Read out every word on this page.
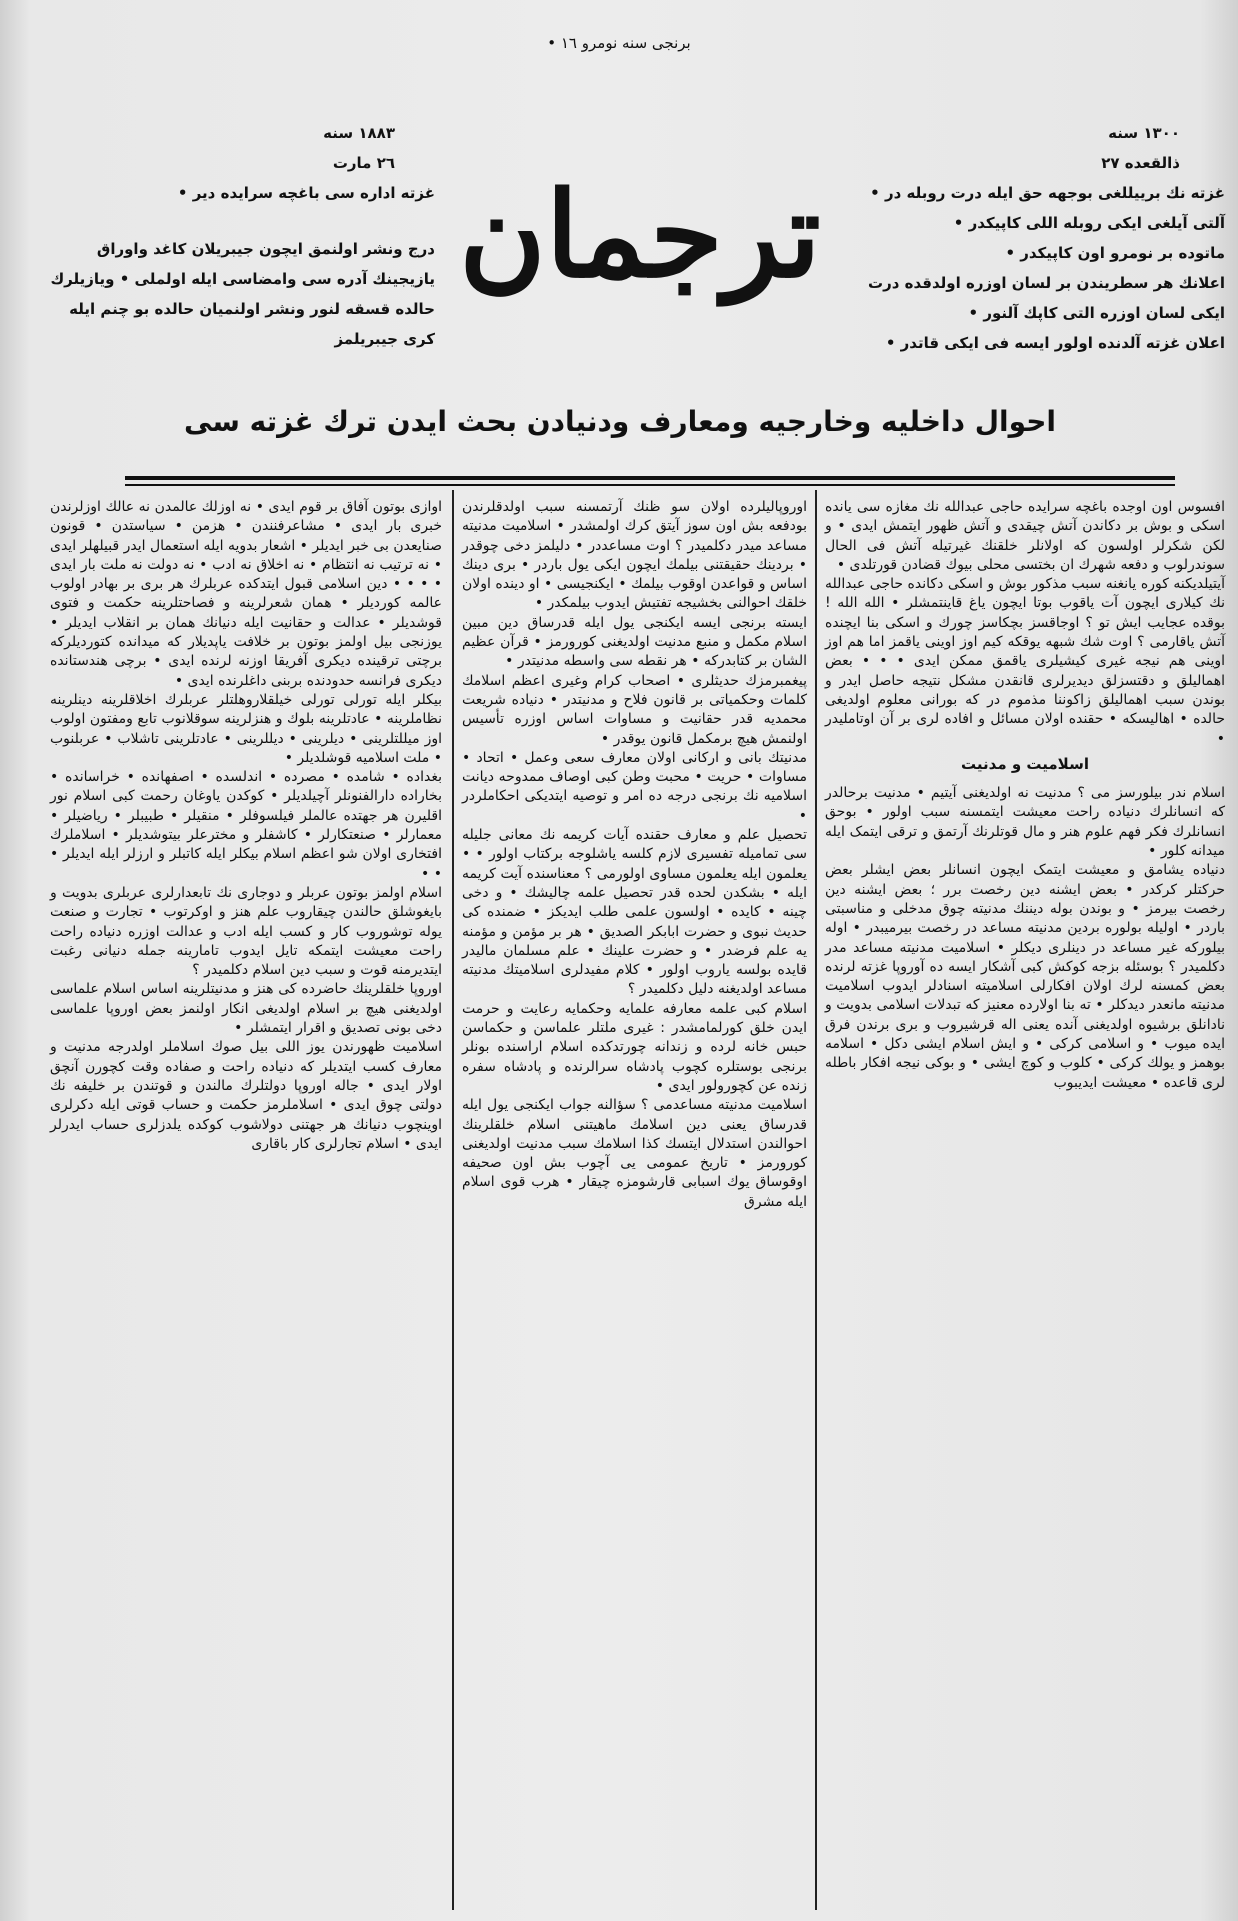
برنجی سنه نومرو ۱٦ •
۱۸۸۳ سنه
۲٦ مارت
۱۳۰۰ سنه
ذالقعده ۲۷
غزته اداره سی باغچه سرایده دیر •
درج ونشر اولنمق ایچون جیبریلان کاغد واوراق
یازیجینك آدره سی وامضاسی ایله اولملی • ویازیلرك
حالده قسقه لنور ونشر اولنمیان حالده بو چنم ایله
کری جیبریلمز
غزته نك برییللغی بوجهه حق ایله درت روبله در •
آلتی آیلغی ایکی روبله اللی کاپیکدر •
ماتوده بر نومرو اون کاپیکدر •
اعلانك هر سطریندن بر لسان اوزره اولدقده درت
ایکی لسان اوزره التی کاپك آلنور •
اعلان غزته آلدنده اولور ایسه فی ایکی قاتدر •
ترجمان
احوال داخلیه وخارجیه ومعارف ودنیادن بحث ایدن ترك غزته سی

افسوس اون اوجده باغچه سرایده حاجی عبدالله نك مغازه سی یانده اسکی و بوش بر دکاندن آتش چیقدی و آتش ظهور ایتمش ایدی • و لکن شکرلر اولسون که اولانلر خلقنك غیرتیله آتش فی الحال سوندرلوب و دفعه شهرك ان بختسی محلی بیوك قضادن قورتلدی •

آیتیلدیکنه کوره یانغنه سبب مذکور بوش و اسکی دکانده حاجی عبدالله نك کیلاری ایچون آت یاقوب بوتا ایچون یاغ قاینتمشلر • الله الله ! بوقده عجایب ایش تو ؟ اوجاقسز بچکاسز چورك و اسکی بنا ایچنده آتش یاقارمی ؟ اوت شك شبهه یوقکه کیم اوز اوینی یاقمز اما هم اوز اوینی هم نیجه غیری کیشیلری یاقمق ممکن ایدی • • • بعض اهمالیلق و دقتسزلق دیدیرلری قانقدن مشکل نتیجه حاصل ایدر و بوندن سبب اهمالیلق زاکوننا مذموم در که بورانی معلوم اولدیغی حالده • اهالیسکه • حقنده اولان مسائل و افاده لری بر آن اوتاملیدر •

اسلامیت و مدنیت

اسلام ندر بیلورسز می ؟ مدنیت نه اولدیغنی آیتیم • مدنیت برحالدر که انسانلرك دنیاده راحت معیشت ایتمسنه سبب اولور • بوحق انسانلرك فکر فهم علوم هنر و مال قوتلرنك آرتمق و ترقی ایتمک ایله میدانه کلور •

دنیاده یشامق و معیشت ایتمک ایچون انسانلر بعض ایشلر بعض حرکتلر کرکدر • بعض ایشنه دین رخصت برر ؛ بعض ایشنه دین رخصت بیرمز • و بوندن بوله دیننك مدنیته چوق مدخلی و مناسبتی باردر • اولیله بولوره بردین مدنیته مساعد در رخصت بیرمیبدر • اوله بیلورکه غیر مساعد در دینلری دیکلر • اسلامیت مدنیته مساعد مدر دکلمیدر ؟ بوسئله بزجه کوکش کبی آشکار ایسه ده آوروپا غزته لرنده بعض کمسنه لرك اولان افکارلی اسلامیته اسنادلر ایدوب اسلامیت مدنیته مانعدر دیدکلر • ته بنا اولارده معنیز که تبدلات اسلامی بدویت و نادانلق برشیوه اولدیغنی آنده یعنی اله قرشیروب و بری برندن فرق ایده میوب • و اسلامی کرکی • و ایش اسلام ایشی دکل • اسلامه بوهمز و یولك کرکی • کلوب و کوچ ایشی • و بوکی نیجه افکار باطله لری قاعده • معیشت ایدیبوب

اوروپالیلرده اولان سو ظنك آرتمسنه سبب اولدقلرندن بودفعه بش اون سوز آیتق کرك اولمشدر • اسلامیت مدنیته مساعد میدر دکلمیدر ؟ اوت مساعددر • دلیلمز دخی چوقدر • بردینك حقیقتنی بیلمك ایچون ایکی یول باردر • بری دینك اساس و قواعدن اوقوب بیلمك • ایکنجیسی • او دینده اولان خلقك احوالنی بخشیجه تفتیش ایدوب بیلمکدر •

ایسته برنجی ایسه ایکنجی یول ایله قدرساق دین مبین اسلام مکمل و منبع مدنیت اولدیغنی کورورمز • قرآن عظیم الشان بر کتابدرکه • هر نقطه سی واسطه مدنیتدر •

پیغمبرمزك حدیثلری • اصحاب کرام وغیری اعظم اسلامك کلمات وحکمیاتی بر قانون فلاح و مدنیتدر • دنیاده شریعت محمدیه قدر حقانیت و مساوات اساس اوزره تأسیس اولنمش هیچ برمکمل قانون یوقدر •

مدنیتك بانی و ارکانی اولان معارف سعی وعمل • اتحاد • مساوات • حریت • محبت وطن کبی اوصاف ممدوحه دیانت اسلامیه نك برنجی درجه ده امر و توصیه ایتدیکی احکاملردر •

تحصیل علم و معارف حقنده آیات کریمه نك معانی جلیله سی تمامیله تفسیری لازم کلسه یاشلوجه برکتاب اولور • • یعلمون ایله یعلمون مساوی اولورمی ؟ معناسنده آیت کریمه ایله • بشکدن لحده قدر تحصیل علمه چالیشك • و دخی چینه • کایده • اولسون علمی طلب ایدیکز • ضمنده کی حدیث نبوی و حضرت ابابکر الصدیق • هر بر مؤمن و مؤمنه یه علم فرضدر • و حضرت علینك • علم مسلمان مالیدر قایده بولسه یاروب اولور • کلام مفیدلری اسلامیتك مدنیته مساعد اولدیغنه دلیل دکلمیدر ؟

اسلام کبی علمه معارفه علمایه وحکمایه رعایت و حرمت ایدن خلق کورلمامشدر : غیری ملتلر علماسن و حکماسن حبس خانه لرده و زندانه چورتدکده اسلام اراسنده بونلر برنجی بوستلره کچوب پادشاه سرالرنده و پادشاه سفره زنده عن کچورولور ایدی •

اسلامیت مدنیته مساعدمی ؟ سؤالنه جواب ایکنجی یول ایله قدرساق یعنی دین اسلامك ماهیتنی اسلام خلقلرینك احوالندن استدلال ایتسك کذا اسلامك سبب مدنیت اولدیغنی کورورمز • تاریخ عمومی یی آچوب بش اون صحیفه اوقوساق یوك اسبابی قارشومزه چیقار • هرب قوی اسلام ایله مشرق

اوازی بوتون آفاق بر قوم ایدی • نه اوزلك عالمدن نه عالك اوزلرندن خبری بار ایدی • مشاعرفنندن • هزمن • سیاستدن • قونون صنایعدن بی خبر ایدیلر • اشعار بدویه ایله استعمال ایدر قبیلهلر ایدی • نه ترتیب نه انتظام • نه اخلاق نه ادب • نه دولت نه ملت بار ایدی • • • • دین اسلامی قبول ایتدکده عربلرك هر بری بر بهادر اولوب عالمه کوردیلر • همان شعرلرینه و فصاحتلرینه حکمت و فتوی قوشدیلر • عدالت و حقانیت ایله دنیانك همان بر انقلاب ایدیلر • یوزنجی بیل اولمز بوتون بر خلافت یاپدیلار که میدانده کتوردیلرکه برچتی ترقینده دیکری آفریقا اوزنه لرنده ایدی • برچی هندستانده دیکری فرانسه حدودنده بربنی داغلرنده ایدی •

بیکلر ایله تورلی تورلی خیلقلاروهلتلر عربلرك اخلاقلرینه دینلرینه نظاملرینه • عادتلرینه بلوك و هنزلرینه سوقلانوب تابع ومفتون اولوب اوز میللتلرینی • دیلرینی • دیللرینی • عادتلرینی تاشلاب • عربلنوب • ملت اسلامیه قوشلدیلر •

بغداده • شامده • مصرده • اندلسده • اصفهانده • خراسانده • بخاراده دارالفنونلر آچیلدیلر • کوکدن یاوغان رحمت کبی اسلام نور اقلیرن هر جهتده عالملر فیلسوفلر • منقیلر • طبیبلر • ریاضیلر • معمارلر • صنعتکارلر • کاشفلر و مخترعلر بیتوشدیلر • اسلاملرك افتخاری اولان شو اعظم اسلام بیکلر ایله کاتبلر و ارزلر ایله ایدیلر • • •

اسلام اولمز بوتون عربلر و دوجاری نك تابعدارلری عربلری بدویت و بایغوشلق حالندن چیقاروب علم هنز و اوکرتوب • تجارت و صنعت یوله توشوروب کار و کسب ایله ادب و عدالت اوزره دنیاده راحت راحت معیشت ایتمکه تایل ایدوب تامارینه جمله دنیانی رغبت ایتدیرمنه قوت و سبب دین اسلام دکلمیدر ؟

اوروپا خلقلرینك حاضرده کی هنز و مدنیتلرینه اساس اسلام علماسی اولدیغنی هیچ بر اسلام اولدیغی انکار اولنمز بعض اوروپا علماسی دخی بونی تصدیق و اقرار ایتمشلر •

اسلامیت ظهورندن یوز اللی بیل صوك اسلاملر اولدرجه مدنیت و معارف کسب ایتدیلر که دنیاده راحت و صفاده وقت کچورن آنچق اولار ایدی • جاله اوروپا دولتلرك مالندن و قوتندن بر خلیفه نك دولتی چوق ایدی • اسلاملرمز حکمت و حساب قوتی ایله دکرلری اوینچوب دنیانك هر جهتنی دولاشوب کوکده یلدزلری حساب ایدرلر ایدی • اسلام تجارلری کار باقاری
